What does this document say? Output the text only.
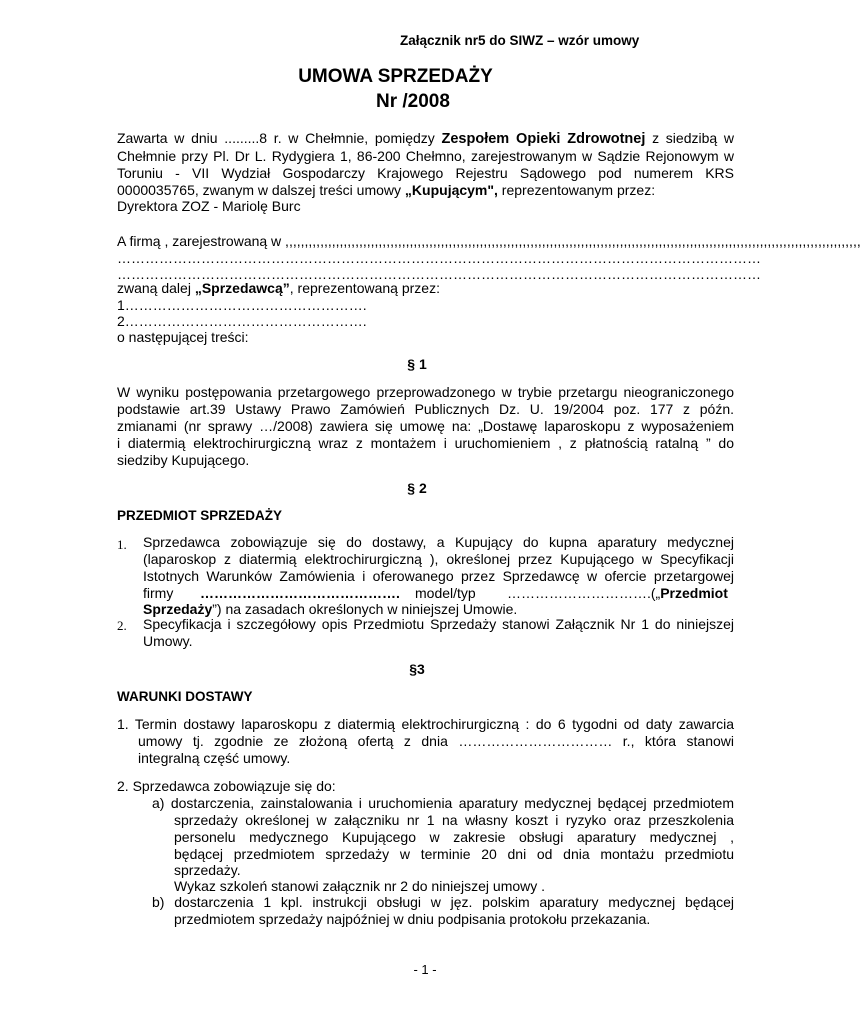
Załącznik nr5 do SIWZ – wzór umowy
UMOWA SPRZEDAŻY
Nr /2008
Zawarta w dniu .........8 r. w Chełmnie, pomiędzy Zespołem Opieki Zdrowotnej z siedzibą w
Chełmnie przy Pl. Dr L. Rydygiera 1, 86-200 Chełmno, zarejestrowanym w Sądzie Rejonowym w
Toruniu - VII Wydział Gospodarczy Krajowego Rejestru Sądowego pod numerem KRS
0000035765, zwanym w dalszej treści umowy „Kupującym", reprezentowanym przez:
Dyrektora ZOZ - Mariolę Burc
A firmą , zarejestrowaną w ,,,,,,,,,,,,,,,,,,,,,,,,,,,,,,,,,,,,,,,,,,,,,,,,,,,,,,,,,,,,,,,,,,,,,,,,,,,,,,,,,,,,,,,,,,,,,,,,,,,,,,,,,,,,,,,,,,,,,,,,,,,,,,,,,,,,,,,,,,,,,,,,,,,,
…………………………………………………………………………………………………………………………
…………………………………………………………………………………………………………………………
zwaną dalej „Sprzedawcą”, reprezentowaną przez:
1…………………………………………….
2…………………………………………….
o następującej treści:
§ 1
W wyniku postępowania przetargowego przeprowadzonego w trybie przetargu nieograniczonego
podstawie art.39 Ustawy Prawo Zamówień Publicznych Dz. U. 19/2004 poz. 177 z późn.
zmianami (nr sprawy …/2008) zawiera się umowę na: „Dostawę laparoskopu z wyposażeniem
i diatermią elektrochirurgiczną wraz z montażem i uruchomieniem , z płatnością ratalną ” do
siedziby Kupującego.
§ 2
PRZEDMIOT SPRZEDAŻY
1. Sprzedawca zobowiązuje się do dostawy, a Kupujący do kupna aparatury medycznej
(laparoskop z diatermią elektrochirurgiczną ), określonej przez Kupującego w Specyfikacji
Istotnych Warunków Zamówienia i oferowanego przez Sprzedawcę w ofercie przetargowej
firmy ……………………………………. model/typ ………………………….(„Przedmiot
Sprzedaży”) na zasadach określonych w niniejszej Umowie.
2. Specyfikacja i szczegółowy opis Przedmiotu Sprzedaży stanowi Załącznik Nr 1 do niniejszej
Umowy.
§3
WARUNKI DOSTAWY
1. Termin dostawy laparoskopu z diatermią elektrochirurgiczną : do 6 tygodni od daty zawarcia
umowy tj. zgodnie ze złożoną ofertą z dnia …………………………… r., która stanowi
integralną część umowy.
2. Sprzedawca zobowiązuje się do:
a) dostarczenia, zainstalowania i uruchomienia aparatury medycznej będącej przedmiotem
sprzedaży określonej w załączniku nr 1 na własny koszt i ryzyko oraz przeszkolenia
personelu medycznego Kupującego w zakresie obsługi aparatury medycznej ,
będącej przedmiotem sprzedaży w terminie 20 dni od dnia montażu przedmiotu
sprzedaży.
Wykaz szkoleń stanowi załącznik nr 2 do niniejszej umowy .
b) dostarczenia 1 kpl. instrukcji obsługi w jęz. polskim aparatury medycznej będącej
przedmiotem sprzedaży najpóźniej w dniu podpisania protokołu przekazania.
- 1 -
